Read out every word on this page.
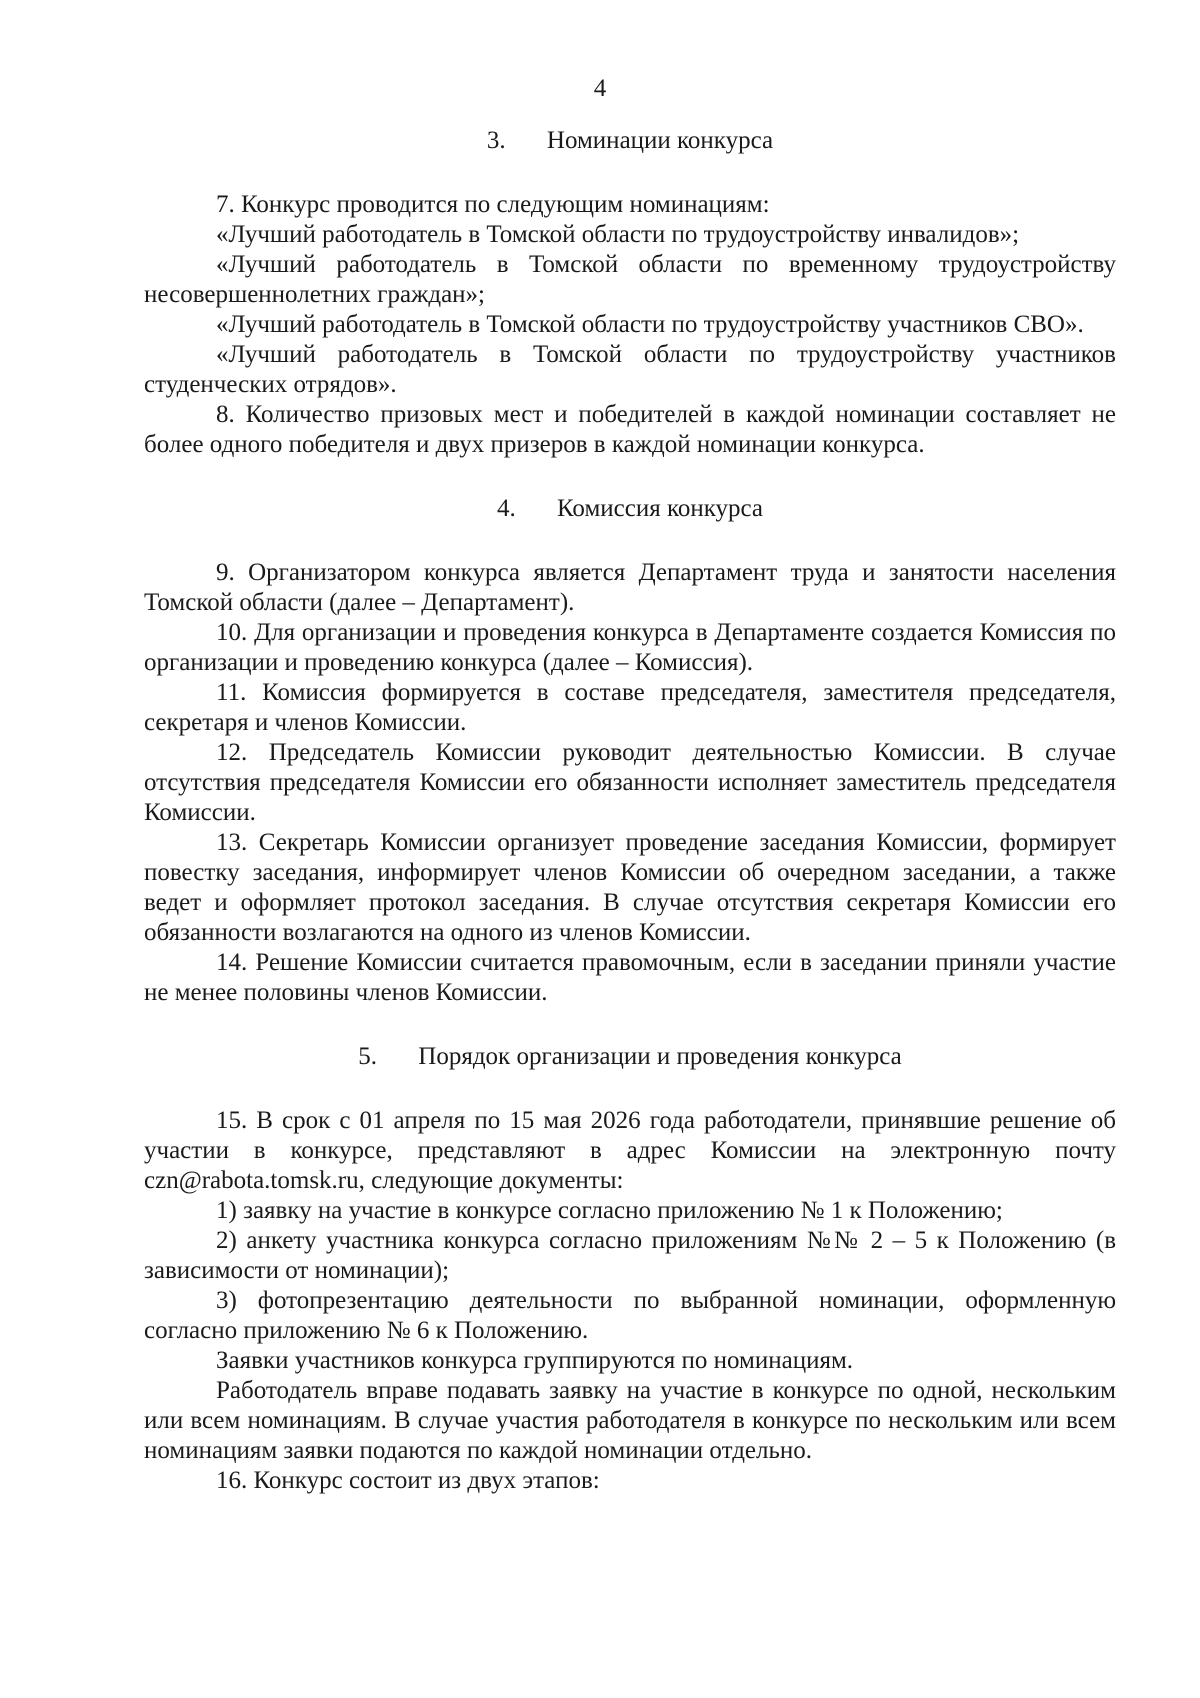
4
3.	Номинации конкурса

7. Конкурс проводится по следующим номинациям:

«Лучший работодатель в Томской области по трудоустройству инвалидов»;

«Лучший работодатель в Томской области по временному трудоустройству несовершеннолетних граждан»;

«Лучший работодатель в Томской области по трудоустройству участников СВО».

«Лучший работодатель в Томской области по трудоустройству участников студенческих отрядов».

8. Количество призовых мест и победителей в каждой номинации составляет не более одного победителя и двух призеров в каждой номинации конкурса.

4.	Комиссия конкурса

9. Организатором конкурса является Департамент труда и занятости населения Томской области (далее – Департамент).

10. Для организации и проведения конкурса в Департаменте создается Комиссия по организации и проведению конкурса (далее – Комиссия).

11. Комиссия формируется в составе председателя, заместителя председателя, секретаря и членов Комиссии.

12. Председатель Комиссии руководит деятельностью Комиссии. В случае отсутствия председателя Комиссии его обязанности исполняет заместитель председателя Комиссии.

13. Секретарь Комиссии организует проведение заседания Комиссии, формирует повестку заседания, информирует членов Комиссии об очередном заседании, а также ведет и оформляет протокол заседания. В случае отсутствия секретаря Комиссии его обязанности возлагаются на одного из членов Комиссии.

14. Решение Комиссии считается правомочным, если в заседании приняли участие не менее половины членов Комиссии.

5.	Порядок организации и проведения конкурса

15. В срок с 01 апреля по 15 мая 2026 года работодатели, принявшие решение об участии в конкурсе, представляют в адрес Комиссии на электронную почту czn@rabota.tomsk.ru, следующие документы:

1) заявку на участие в конкурсе согласно приложению № 1 к Положению;

2) анкету участника конкурса согласно приложениям №№ 2 – 5 к Положению (в зависимости от номинации);

3) фотопрезентацию деятельности по выбранной номинации, оформленную согласно приложению № 6 к Положению.

Заявки участников конкурса группируются по номинациям.

Работодатель вправе подавать заявку на участие в конкурсе по одной, нескольким или всем номинациям. В случае участия работодателя в конкурсе по нескольким или всем номинациям заявки подаются по каждой номинации отдельно.

16. Конкурс состоит из двух этапов:
